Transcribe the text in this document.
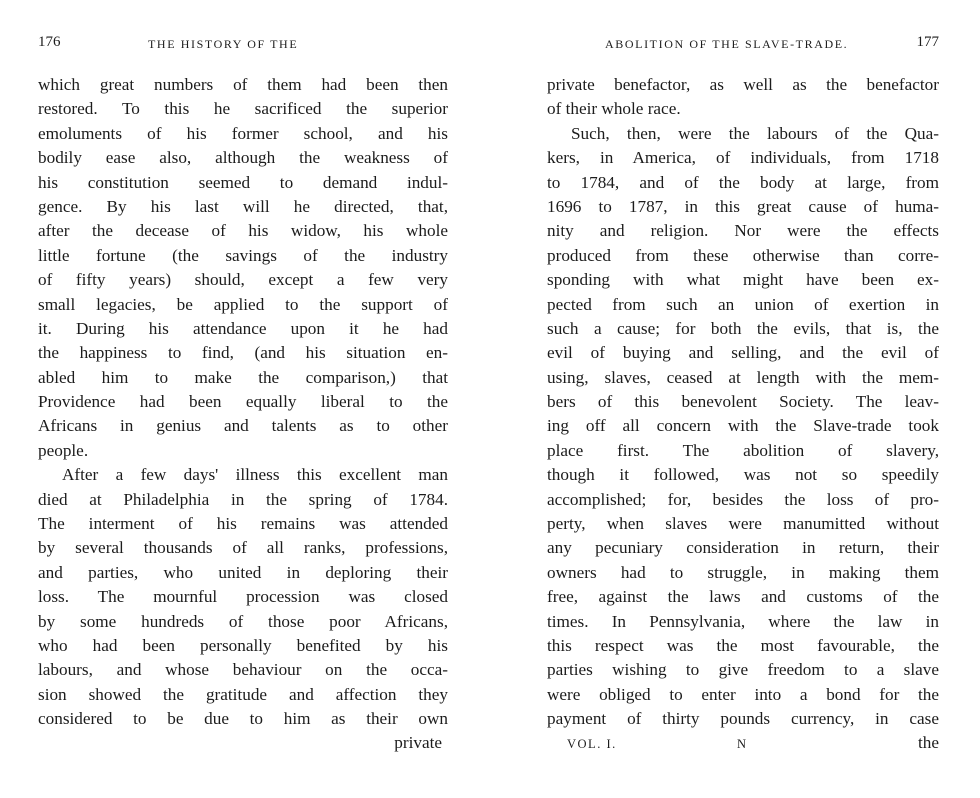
176	THE HISTORY OF THE
which great numbers of them had been then
restored. To this he sacrificed the superior
emoluments of his former school, and his
bodily ease also, although the weakness of
his constitution seemed to demand indul-
gence. By his last will he directed, that,
after the decease of his widow, his whole
little fortune (the savings of the industry
of fifty years) should, except a few very
small legacies, be applied to the support of
it. During his attendance upon it he had
the happiness to find, (and his situation en-
abled him to make the comparison,) that
Providence had been equally liberal to the
Africans in genius and talents as to other
people.
After a few days' illness this excellent man
died at Philadelphia in the spring of 1784.
The interment of his remains was attended
by several thousands of all ranks, professions,
and parties, who united in deploring their
loss. The mournful procession was closed
by some hundreds of those poor Africans,
who had been personally benefited by his
labours, and whose behaviour on the occa-
sion showed the gratitude and affection they
considered to be due to him as their own
private
ABOLITION OF THE SLAVE-TRADE.	177
private benefactor, as well as the benefactor
of their whole race.
Such, then, were the labours of the Qua-
kers, in America, of individuals, from 1718
to 1784, and of the body at large, from
1696 to 1787, in this great cause of huma-
nity and religion. Nor were the effects
produced from these otherwise than corre-
sponding with what might have been ex-
pected from such an union of exertion in
such a cause; for both the evils, that is, the
evil of buying and selling, and the evil of
using, slaves, ceased at length with the mem-
bers of this benevolent Society. The leav-
ing off all concern with the Slave-trade took
place first. The abolition of slavery,
though it followed, was not so speedily
accomplished; for, besides the loss of pro-
perty, when slaves were manumitted without
any pecuniary consideration in return, their
owners had to struggle, in making them
free, against the laws and customs of the
times. In Pennsylvania, where the law in
this respect was the most favourable, the
parties wishing to give freedom to a slave
were obliged to enter into a bond for the
payment of thirty pounds currency, in case
VOL. I.	N	the
